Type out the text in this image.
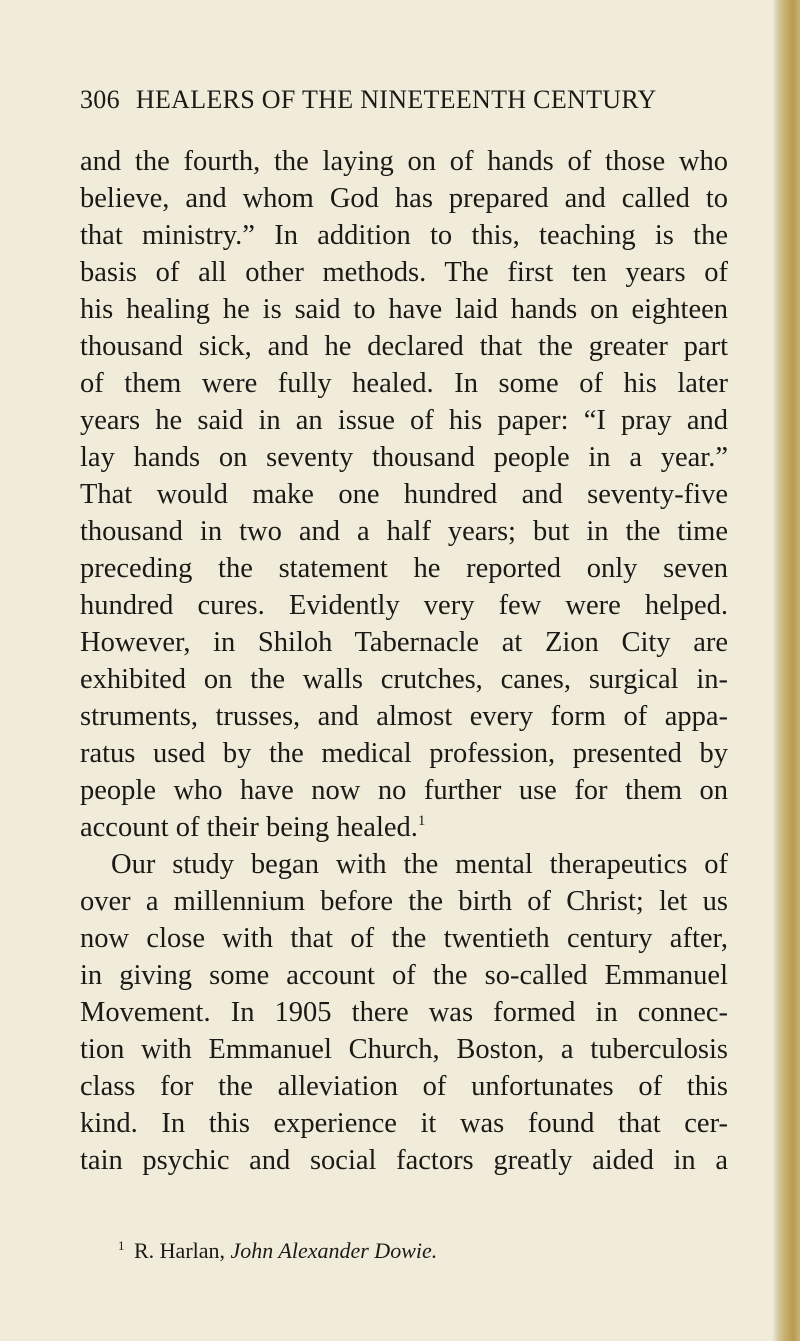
306 HEALERS OF THE NINETEENTH CENTURY
and the fourth, the laying on of hands of those who
believe, and whom God has prepared and called to
that ministry.” In addition to this, teaching is the
basis of all other methods. The first ten years of
his healing he is said to have laid hands on eighteen
thousand sick, and he declared that the greater part
of them were fully healed. In some of his later
years he said in an issue of his paper: “I pray and
lay hands on seventy thousand people in a year.”
That would make one hundred and seventy-five
thousand in two and a half years; but in the time
preceding the statement he reported only seven
hundred cures. Evidently very few were helped.
However, in Shiloh Tabernacle at Zion City are
exhibited on the walls crutches, canes, surgical in-
struments, trusses, and almost every form of appa-
ratus used by the medical profession, presented by
people who have now no further use for them on
account of their being healed.$^1$
Our study began with the mental therapeutics of
over a millennium before the birth of Christ; let us
now close with that of the twentieth century after,
in giving some account of the so-called Emmanuel
Movement. In 1905 there was formed in connec-
tion with Emmanuel Church, Boston, a tuberculosis
class for the alleviation of unfortunates of this
kind. In this experience it was found that cer-
tain psychic and social factors greatly aided in a
$^1$ R. Harlan, John Alexander Dowie.
